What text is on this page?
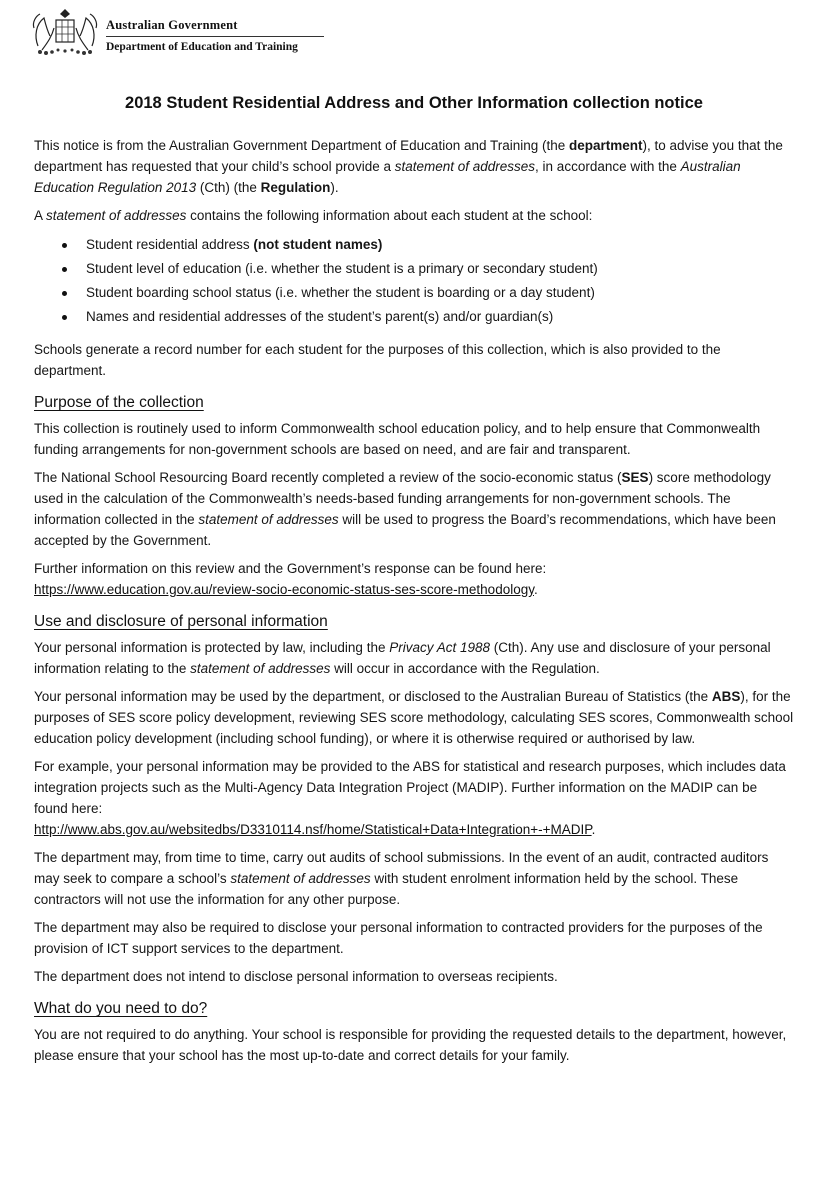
Australian Government
Department of Education and Training
2018 Student Residential Address and Other Information collection notice

This notice is from the Australian Government Department of Education and Training (the department), to advise you that the department has requested that your child’s school provide a statement of addresses, in accordance with the Australian Education Regulation 2013 (Cth) (the Regulation).

A statement of addresses contains the following information about each student at the school:

Student residential address (not student names)
Student level of education (i.e. whether the student is a primary or secondary student)
Student boarding school status (i.e. whether the student is boarding or a day student)
Names and residential addresses of the student’s parent(s) and/or guardian(s)

Schools generate a record number for each student for the purposes of this collection, which is also provided to the department.

Purpose of the collection

This collection is routinely used to inform Commonwealth school education policy, and to help ensure that Commonwealth funding arrangements for non-government schools are based on need, and are fair and transparent.

The National School Resourcing Board recently completed a review of the socio-economic status (SES) score methodology used in the calculation of the Commonwealth’s needs-based funding arrangements for non-government schools. The information collected in the statement of addresses will be used to progress the Board’s recommendations, which have been accepted by the Government.

Further information on this review and the Government’s response can be found here:
https://www.education.gov.au/review-socio-economic-status-ses-score-methodology.

Use and disclosure of personal information

Your personal information is protected by law, including the Privacy Act 1988 (Cth). Any use and disclosure of your personal information relating to the statement of addresses will occur in accordance with the Regulation.

Your personal information may be used by the department, or disclosed to the Australian Bureau of Statistics (the ABS), for the purposes of SES score policy development, reviewing SES score methodology, calculating SES scores, Commonwealth school education policy development (including school funding), or where it is otherwise required or authorised by law.

For example, your personal information may be provided to the ABS for statistical and research purposes, which includes data integration projects such as the Multi-Agency Data Integration Project (MADIP). Further information on the MADIP can be found here:
http://www.abs.gov.au/websitedbs/D3310114.nsf/home/Statistical+Data+Integration+-+MADIP.

The department may, from time to time, carry out audits of school submissions. In the event of an audit, contracted auditors may seek to compare a school’s statement of addresses with student enrolment information held by the school. These contractors will not use the information for any other purpose.

The department may also be required to disclose your personal information to contracted providers for the purposes of the provision of ICT support services to the department.

The department does not intend to disclose personal information to overseas recipients.

What do you need to do?

You are not required to do anything. Your school is responsible for providing the requested details to the department, however, please ensure that your school has the most up-to-date and correct details for your family.
